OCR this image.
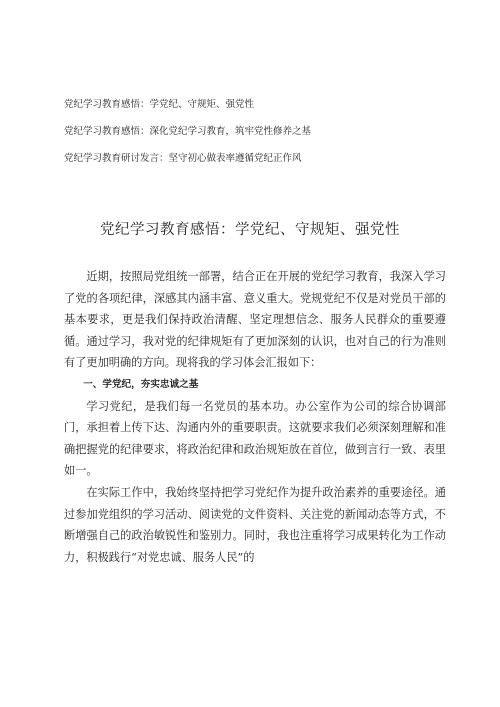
党纪学习教育感悟：学党纪、守规矩、强党性
党纪学习教育感悟：深化党纪学习教育，筑牢党性修养之基
党纪学习教育研讨发言：坚守初心做表率遵循党纪正作风
党纪学习教育感悟：学党纪、守规矩、强党性

近期，按照局党组统一部署，结合正在开展的党纪学习教育，我深入学习了党的各项纪律，深感其内涵丰富、意义重大。党规党纪不仅是对党员干部的基本要求，更是我们保持政治清醒、坚定理想信念、服务人民群众的重要遵循。通过学习，我对党的纪律规矩有了更加深刻的认识，也对自己的行为准则有了更加明确的方向。现将我的学习体会汇报如下：

一、学党纪，夯实忠诚之基

学习党纪，是我们每一名党员的基本功。办公室作为公司的综合协调部门，承担着上传下达、沟通内外的重要职责。这就要求我们必须深刻理解和准确把握党的纪律要求，将政治纪律和政治规矩放在首位，做到言行一致、表里如一。

在实际工作中，我始终坚持把学习党纪作为提升政治素养的重要途径。通过参加党组织的学习活动、阅读党的文件资料、关注党的新闻动态等方式，不断增强自己的政治敏锐性和鉴别力。同时，我也注重将学习成果转化为工作动力，积极践行“对党忠诚、服务人民”的
